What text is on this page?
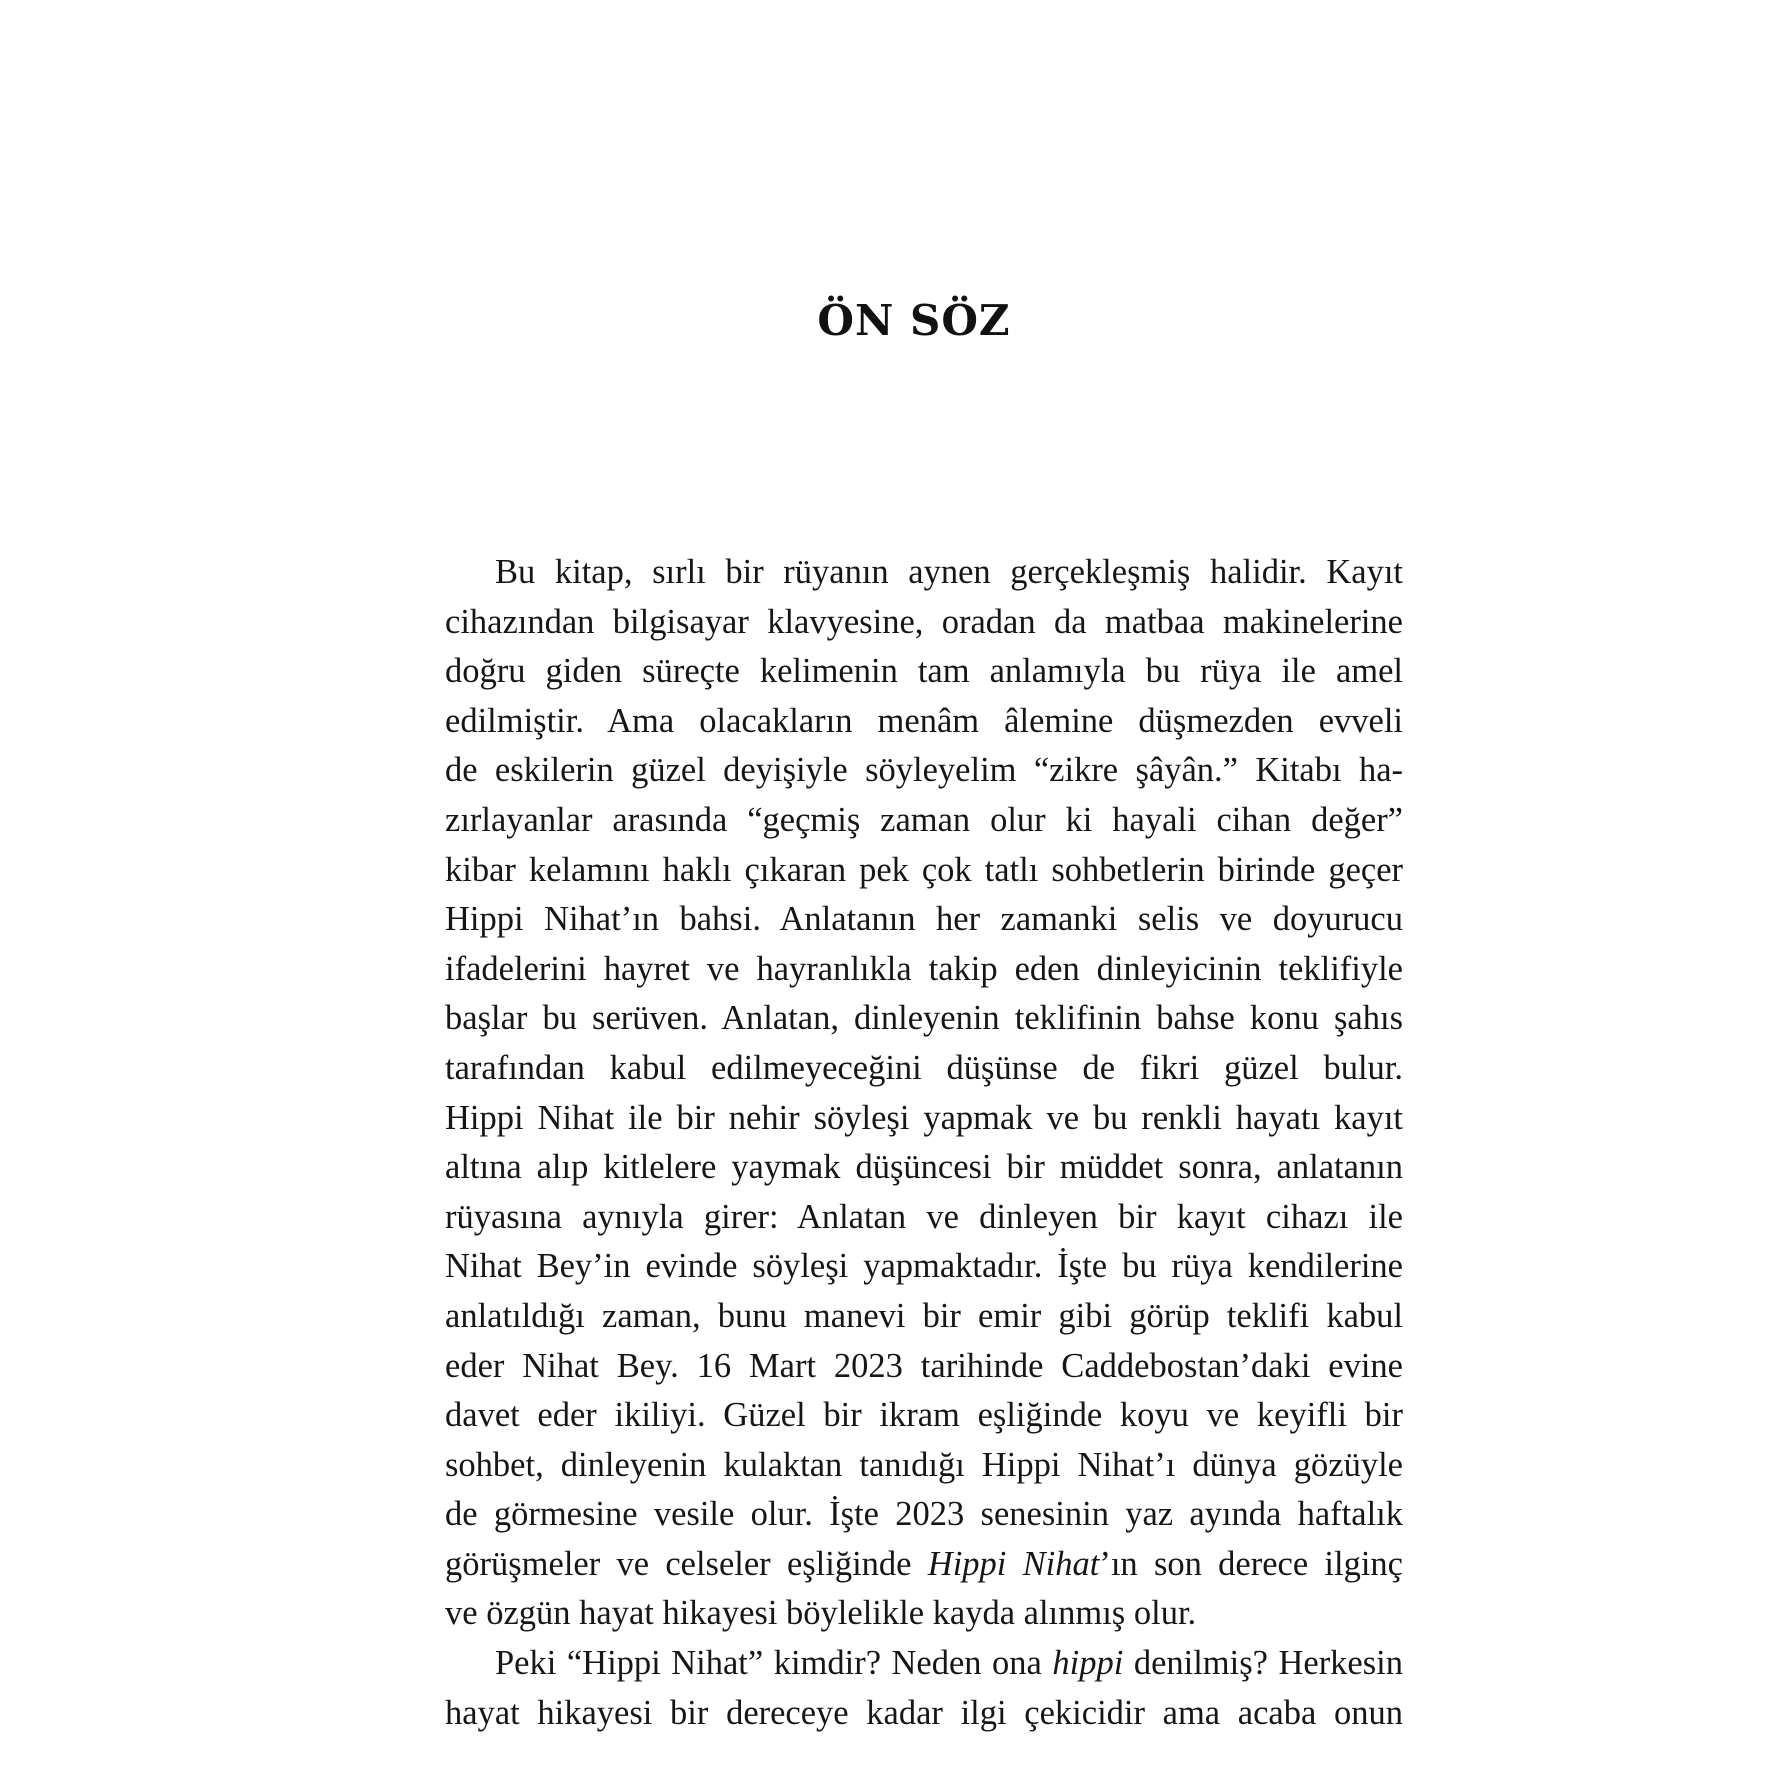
ÖN SÖZ

Bu kitap, sırlı bir rüyanın aynen gerçekleşmiş halidir. Kayıt
cihazından bilgisayar klavyesine, oradan da matbaa makinelerine
doğru giden süreçte kelimenin tam anlamıyla bu rüya ile amel
edilmiştir. Ama olacakların menâm âlemine düşmezden evveli
de eskilerin güzel deyişiyle söyleyelim “zikre şâyân.” Kitabı ha-
zırlayanlar arasında “geçmiş zaman olur ki hayali cihan değer”
kibar kelamını haklı çıkaran pek çok tatlı sohbetlerin birinde geçer
Hippi Nihat’ın bahsi. Anlatanın her zamanki selis ve doyurucu
ifadelerini hayret ve hayranlıkla takip eden dinleyicinin teklifiyle
başlar bu serüven. Anlatan, dinleyenin teklifinin bahse konu şahıs
tarafından kabul edilmeyeceğini düşünse de fikri güzel bulur.
Hippi Nihat ile bir nehir söyleşi yapmak ve bu renkli hayatı kayıt
altına alıp kitlelere yaymak düşüncesi bir müddet sonra, anlatanın
rüyasına aynıyla girer: Anlatan ve dinleyen bir kayıt cihazı ile
Nihat Bey’in evinde söyleşi yapmaktadır. İşte bu rüya kendilerine
anlatıldığı zaman, bunu manevi bir emir gibi görüp teklifi kabul
eder Nihat Bey. 16 Mart 2023 tarihinde Caddebostan’daki evine
davet eder ikiliyi. Güzel bir ikram eşliğinde koyu ve keyifli bir
sohbet, dinleyenin kulaktan tanıdığı Hippi Nihat’ı dünya gözüyle
de görmesine vesile olur. İşte 2023 senesinin yaz ayında haftalık
görüşmeler ve celseler eşliğinde Hippi Nihat’ın son derece ilginç
ve özgün hayat hikayesi böylelikle kayda alınmış olur.

Peki “Hippi Nihat” kimdir? Neden ona hippi denilmiş? Herkesin
hayat hikayesi bir dereceye kadar ilgi çekicidir ama acaba onun
